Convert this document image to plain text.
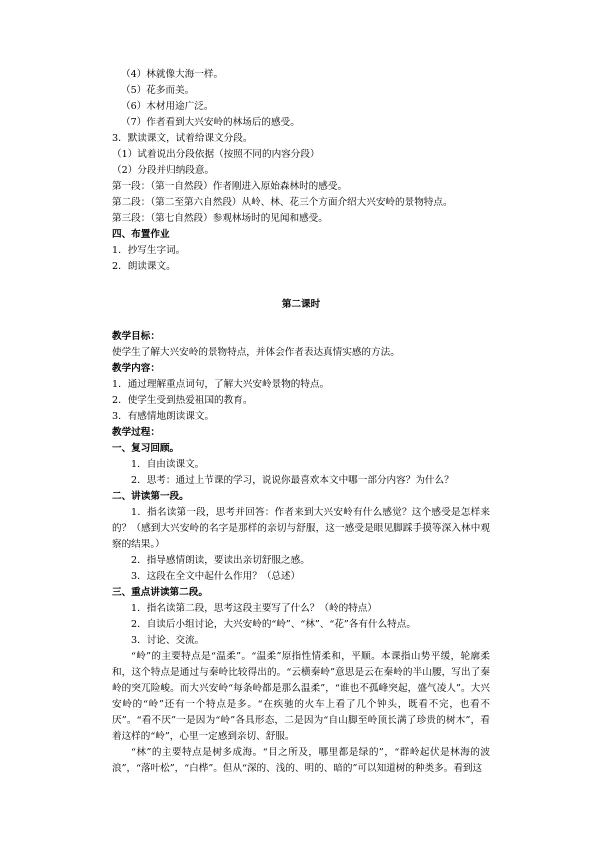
（4）林就像大海一样。
（5）花多而美。
（6）木材用途广泛。
（7）作者看到大兴安岭的林场后的感受。
3．默读课文，试着给课文分段。
（1）试着说出分段依据（按照不同的内容分段）
（2）分段并归纳段意。
第一段：（第一自然段）作者刚进入原始森林时的感受。
第二段：（第二至第六自然段）从岭、林、花三个方面介绍大兴安岭的景物特点。
第三段：（第七自然段）参观林场时的见闻和感受。
四、布置作业
1．抄写生字词。
2．朗读课文。
第二课时
教学目标：
使学生了解大兴安岭的景物特点，并体会作者表达真情实感的方法。
教学内容：
1．通过理解重点词句，了解大兴安岭景物的特点。
2．使学生受到热爱祖国的教育。
3．有感情地朗读课文。
教学过程：
一、复习回顾。
1．自由读课文。
2．思考：通过上节课的学习，说说你最喜欢本文中哪一部分内容？为什么？
二、讲读第一段。
1．指名读第一段，思考并回答：作者来到大兴安岭有什么感觉？这个感受是怎样来的？（感到大兴安岭的名字是那样的亲切与舒服，这一感受是眼见脚踩手摸等深入林中观察的结果。）
2．指导感情朗读，要读出亲切舒服之感。
3．这段在全文中起什么作用？（总述）
三、重点讲读第二段。
1．指名读第二段，思考这段主要写了什么？（岭的特点）
2．自读后小组讨论，大兴安岭的“岭”、“林”、“花”各有什么特点。
3．讨论、交流。
“岭”的主要特点是“温柔”。“温柔”原指性情柔和，平顺。本课指山势平缓，轮廓柔和，这个特点是通过与秦岭比较得出的。“云横秦岭”意思是云在秦岭的半山腰，写出了秦岭的突兀险峻。而大兴安岭“每条岭都是那么温柔”，“谁也不孤峰突起，盛气凌人”。大兴安岭的“岭”还有一个特点是多。“在疾驰的火车上看了几个钟头，既看不完，也看不厌”。“看不厌”一是因为“岭”各具形态，二是因为“自山脚至岭顶长满了珍贵的树木”，看着这样的“岭”，心里一定感到亲切、舒服。
“林”的主要特点是树多成海。“目之所及，哪里都是绿的”，“群岭起伏是林海的波浪”，“落叶松”，“白桦”。但从“深的、浅的、明的、暗的”可以知道树的种类多。看到这
